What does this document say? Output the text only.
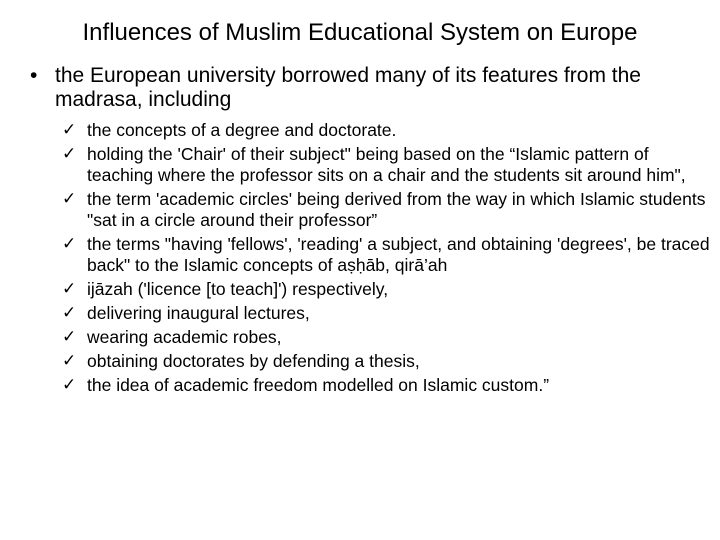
Influences of Muslim Educational System on Europe
• the European university borrowed many of its features from the madrasa, including
✓ the concepts of a degree and doctorate.
✓ holding the 'Chair' of their subject" being based on the “Islamic pattern of teaching where the professor sits on a chair and the students sit around him",
✓ the term 'academic circles' being derived from the way in which Islamic students "sat in a circle around their professor”
✓ the terms "having 'fellows', 'reading' a subject, and obtaining 'degrees', be traced back" to the Islamic concepts of aṣḥāb, qirā’ah
✓ ijāzah ('licence [to teach]') respectively,
✓ delivering inaugural lectures,
✓ wearing academic robes,
✓ obtaining doctorates by defending a thesis,
✓ the idea of academic freedom modelled on Islamic custom.”
